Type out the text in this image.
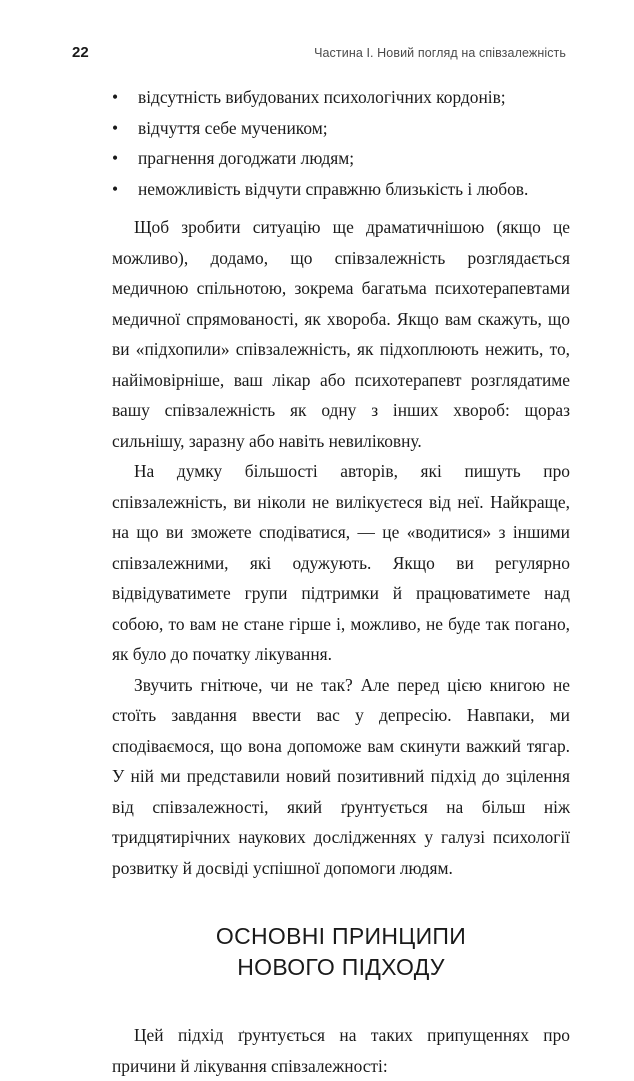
22	Частина І. Новий погляд на співзалежність
• відсутність вибудованих психологічних кордонів;
• відчуття себе мучеником;
• прагнення догоджати людям;
• неможливість відчути справжню близькість і любов.

Щоб зробити ситуацію ще драматичнішою (якщо це можливо), додамо, що співзалежність розглядається медичною спільнотою, зокрема багатьма психотерапевтами медичної спрямованості, як хвороба. Якщо вам скажуть, що ви «підхопили» співзалежність, як підхоплюють нежить, то, найімовірніше, ваш лікар або психотерапевт розглядатиме вашу співзалежність як одну з інших хвороб: щораз сильнішу, заразну або навіть невиліковну.

На думку більшості авторів, які пишуть про співзалежність, ви ніколи не вилікуєтеся від неї. Найкраще, на що ви зможете сподіватися, — це «водитися» з іншими співзалежними, які одужують. Якщо ви регулярно відвідуватимете групи підтримки й працюватимете над собою, то вам не стане гірше і, можливо, не буде так погано, як було до початку лікування.

Звучить гнітюче, чи не так? Але перед цією книгою не стоїть завдання ввести вас у депресію. Навпаки, ми сподіваємося, що вона допоможе вам скинути важкий тягар. У ній ми представили новий позитивний підхід до зцілення від співзалежності, який ґрунтується на більш ніж тридцятирічних наукових дослідженнях у галузі психології розвитку й досвіді успішної допомоги людям.

ОСНОВНІ ПРИНЦИПИ
НОВОГО ПІДХОДУ

Цей підхід ґрунтується на таких припущеннях про причини й лікування співзалежності:
